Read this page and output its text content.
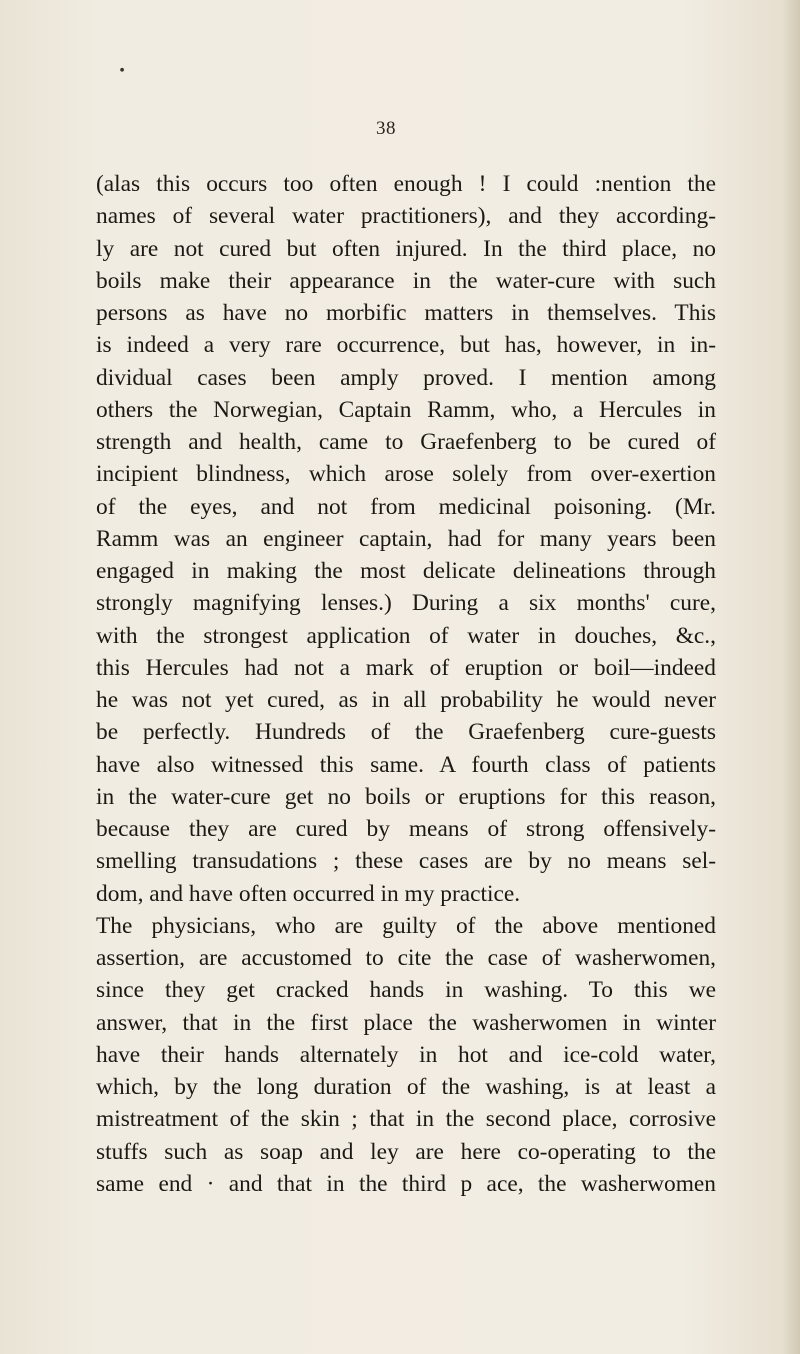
•
38
(alas this occurs too often enough ! I could :nention the
names of several water practitioners), and they according-
ly are not cured but often injured. In the third place, no
boils make their appearance in the water-cure with such
persons as have no morbific matters in themselves. This
is indeed a very rare occurrence, but has, however, in in-
dividual cases been amply proved. I mention among
others the Norwegian, Captain Ramm, who, a Hercules in
strength and health, came to Graefenberg to be cured of
incipient blindness, which arose solely from over-exertion
of the eyes, and not from medicinal poisoning. (Mr.
Ramm was an engineer captain, had for many years been
engaged in making the most delicate delineations through
strongly magnifying lenses.) During a six months' cure,
with the strongest application of water in douches, &c.,
this Hercules had not a mark of eruption or boil—indeed
he was not yet cured, as in all probability he would never
be perfectly. Hundreds of the Graefenberg cure-guests
have also witnessed this same. A fourth class of patients
in the water-cure get no boils or eruptions for this reason,
because they are cured by means of strong offensively-
smelling transudations ; these cases are by no means sel-
dom, and have often occurred in my practice.
The physicians, who are guilty of the above mentioned
assertion, are accustomed to cite the case of washerwomen,
since they get cracked hands in washing. To this we
answer, that in the first place the washerwomen in winter
have their hands alternately in hot and ice-cold water,
which, by the long duration of the washing, is at least a
mistreatment of the skin ; that in the second place, corrosive
stuffs such as soap and ley are here co-operating to the
same end · and that in the third p ace, the washerwomen
